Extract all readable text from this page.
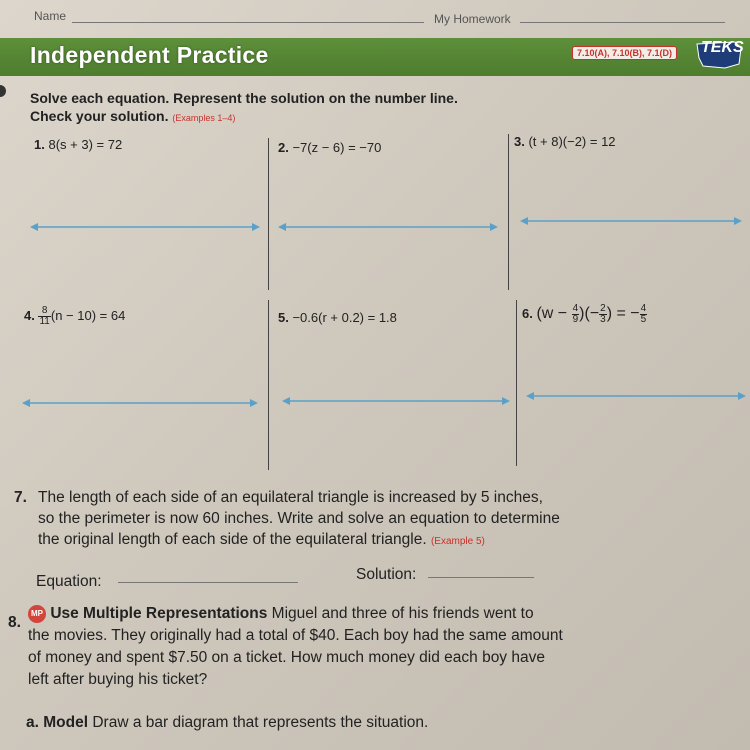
Name	My Homework
Independent Practice	7.10(A), 7.10(B), 7.1(D)	TEKS
Solve each equation. Represent the solution on the number line.
Check your solution. (Examples 1–4)
1. 8(s + 3) = 72	2. −7(z − 6) = −70	3. (t + 8)(−2) = 12
4. $\frac{8}{11} (n - 10) = 64$	5. −0.6(r + 0.2) = 1.8	6. ($w - \frac{4}{9}$ )(− $\frac{2}{3}$ ) = − $\frac{4}{5}$
7. The length of each side of an equilateral triangle is increased by 5 inches,
so the perimeter is now 60 inches. Write and solve an equation to determine
the original length of each side of the equilateral triangle. (Example 5)
Equation:	Solution:
8.
MP Use Multiple Representations Miguel and three of his friends went to
the movies. They originally had a total of $40. Each boy had the same amount
of money and spent $7.50 on a ticket. How much money did each boy have
left after buying his ticket?
a. Model Draw a bar diagram that represents the situation.
